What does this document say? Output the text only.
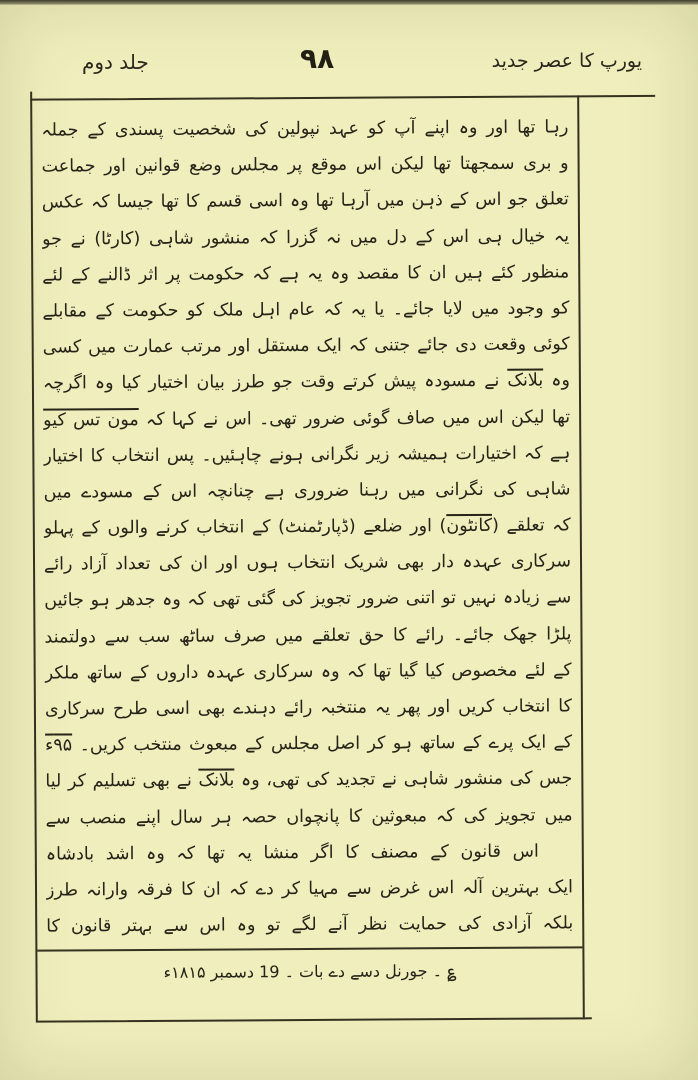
یورپ کا عصر جدید
۹۸
جلد دوم
رہا تھا اور وہ اپنے آپ کو عہد نپولین کی شخصیت پسندی کے جملہ
و بری سمجھتا تھا لیکن اس موقع پر مجلس وضع قوانین اور جماعت
تعلق جو اس کے ذہن میں آرہا تھا وہ اسی قسم کا تھا جیسا کہ عکس
یہ خیال ہی اس کے دل میں نہ گزرا کہ منشور شاہی (کارٹا) نے جو
منظور کئے ہیں ان کا مقصد وہ یہ ہے کہ حکومت پر اثر ڈالنے کے لئے
کو وجود میں لایا جائے۔ یا یہ کہ عام اہل ملک کو حکومت کے مقابلے
کوئی وقعت دی جائے جتنی کہ ایک مستقل اور مرتب عمارت میں کسی
وہ بلانک نے مسودہ پیش کرتے وقت جو طرز بیان اختیار کیا وہ اگرچہ
تھا لیکن اس میں صاف گوئی ضرور تھی۔ اس نے کہا کہ مون تس کیو
ہے کہ اختیارات ہمیشہ زیر نگرانی ہونے چاہئیں۔ پس انتخاب کا اختیار
شاہی کی نگرانی میں رہنا ضروری ہے چنانچہ اس کے مسودے میں
کہ تعلقے (کانٹون) اور ضلعے (ڈپارٹمنٹ) کے انتخاب کرنے والوں کے پہلو
سرکاری عہدہ دار بھی شریک انتخاب ہوں اور ان کی تعداد آزاد رائے
سے زیادہ نہیں تو اتنی ضرور تجویز کی گئی تھی کہ وہ جدھر ہو جائیں
پلڑا جھک جائے۔ رائے کا حق تعلقے میں صرف ساٹھ سب سے دولتمند
کے لئے مخصوص کیا گیا تھا کہ وہ سرکاری عہدہ داروں کے ساتھ ملکر
کا انتخاب کریں اور پھر یہ منتخبہ رائے دہندے بھی اسی طرح سرکاری
کے ایک پرے کے ساتھ ہو کر اصل مجلس کے مبعوث منتخب کریں۔ ۹۵ء
جس کی منشور شاہی نے تجدید کی تھی، وہ بلانک نے بھی تسلیم کر لیا
میں تجویز کی کہ مبعوثین کا پانچواں حصہ ہر سال اپنے منصب سے
اس قانون کے مصنف کا اگر منشا یہ تھا کہ وہ اشد بادشاہ
ایک بہترین آلہ اس غرض سے مہیا کر دے کہ ان کا فرقہ وارانہ طرز
بلکہ آزادی کی حمایت نظر آنے لگے تو وہ اس سے بہتر قانون کا
؏ ۔ جورنل دسے دے بات ۔ 19 دسمبر ۱۸۱۵ء
